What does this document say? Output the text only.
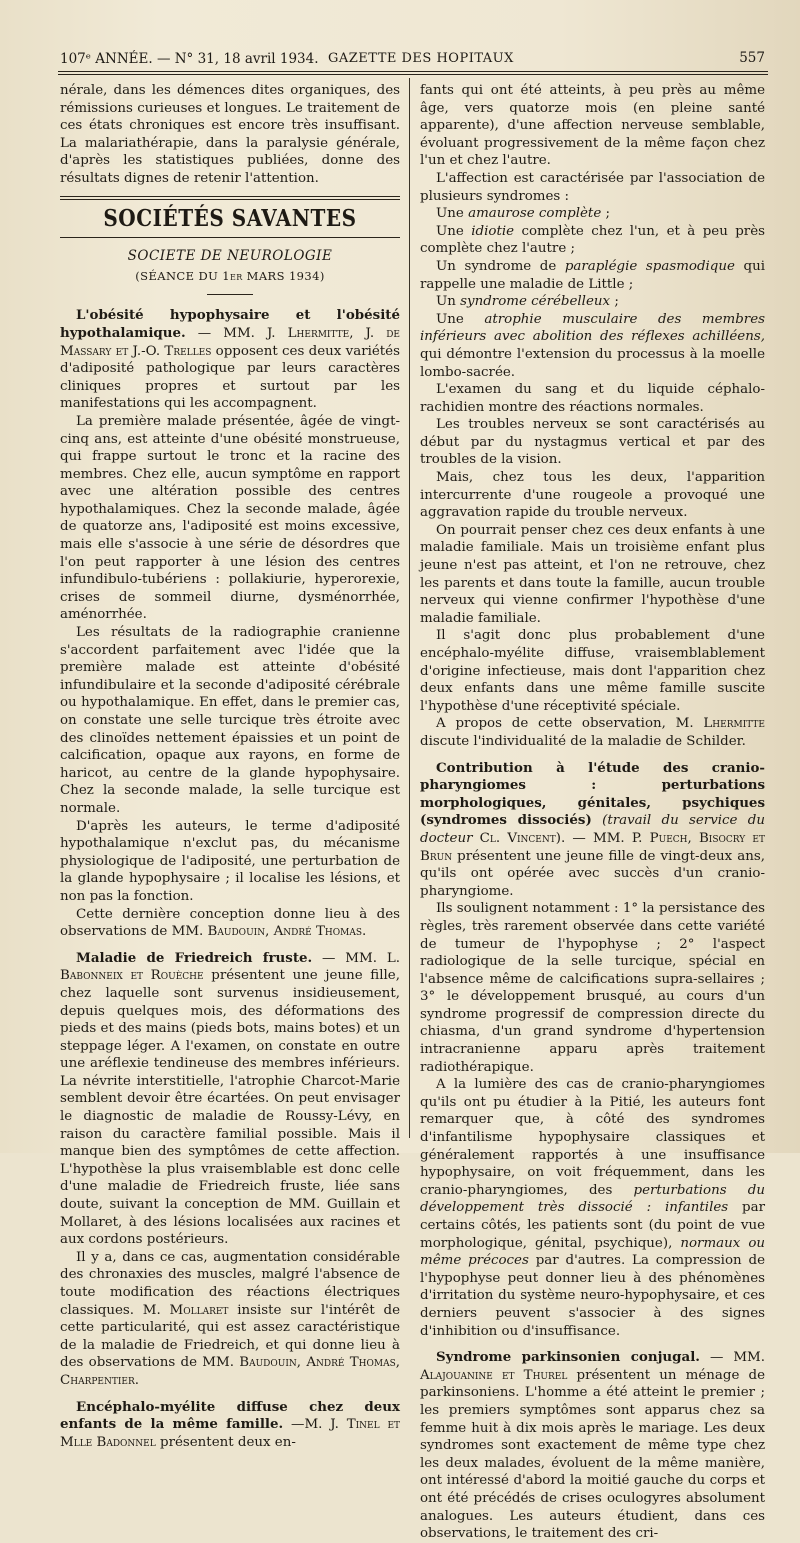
107ᵉ ANNÉE. — N° 31, 18 avril 1934. GAZETTE DES HOPITAUX	557

nérale, dans les démences dites organiques, des rémissions curieuses et longues. Le traitement de ces états chroniques est encore très insuffisant. La malariathérapie, dans la paralysie générale, d'après les statistiques publiées, donne des résultats dignes de retenir l'attention.

SOCIÉTÉS SAVANTES
SOCIETE DE NEUROLOGIE
(SÉANCE DU 1er MARS 1934)

L'obésité hypophysaire et l'obésité hypothalamique. — MM. J. Lhermitte, J. de Massary et J.-O. Trelles opposent ces deux variétés d'adiposité pathologique par leurs caractères cliniques propres et surtout par les manifestations qui les accompagnent.

La première malade présentée, âgée de vingt-cinq ans, est atteinte d'une obésité monstrueuse, qui frappe surtout le tronc et la racine des membres. Chez elle, aucun symptôme en rapport avec une altération possible des centres hypothalamiques. Chez la seconde malade, âgée de quatorze ans, l'adiposité est moins excessive, mais elle s'associe à une série de désordres que l'on peut rapporter à une lésion des centres infundibulo-tubériens : pollakiurie, hyperorexie, crises de sommeil diurne, dysménorrhée, aménorrhée.

Les résultats de la radiographie cranienne s'accordent parfaitement avec l'idée que la première malade est atteinte d'obésité infundibulaire et la seconde d'adiposité cérébrale ou hypothalamique. En effet, dans le premier cas, on constate une selle turcique très étroite avec des clinoïdes nettement épaissies et un point de calcification, opaque aux rayons, en forme de haricot, au centre de la glande hypophysaire. Chez la seconde malade, la selle turcique est normale.

D'après les auteurs, le terme d'adiposité hypothalamique n'exclut pas, du mécanisme physiologique de l'adiposité, une perturbation de la glande hypophysaire ; il localise les lésions, et non pas la fonction.

Cette dernière conception donne lieu à des observations de MM. Baudouin, André Thomas.

Maladie de Friedreich fruste. — MM. L. Babonneix et Rouèche présentent une jeune fille, chez laquelle sont survenus insidieusement, depuis quelques mois, des déformations des pieds et des mains (pieds bots, mains botes) et un steppage léger. A l'examen, on constate en outre une aréflexie tendineuse des membres inférieurs. La névrite interstitielle, l'atrophie Charcot-Marie semblent devoir être écartées. On peut envisager le diagnostic de maladie de Roussy-Lévy, en raison du caractère familial possible. Mais il manque bien des symptômes de cette affection. L'hypothèse la plus vraisemblable est donc celle d'une maladie de Friedreich fruste, liée sans doute, suivant la conception de MM. Guillain et Mollaret, à des lésions localisées aux racines et aux cordons postérieurs.

Il y a, dans ce cas, augmentation considérable des chronaxies des muscles, malgré l'absence de toute modification des réactions électriques classiques. M. Mollaret insiste sur l'intérêt de cette particularité, qui est assez caractéristique de la maladie de Friedreich, et qui donne lieu à des observations de MM. Baudouin, André Thomas, Charpentier.

Encéphalo-myélite diffuse chez deux enfants de la même famille. —M. J. Tinel et Mlle Badonnel présentent deux en-

fants qui ont été atteints, à peu près au même âge, vers quatorze mois (en pleine santé apparente), d'une affection nerveuse semblable, évoluant progressivement de la même façon chez l'un et chez l'autre.

L'affection est caractérisée par l'association de plusieurs syndromes :

Une amaurose complète ;

Une idiotie complète chez l'un, et à peu près complète chez l'autre ;

Un syndrome de paraplégie spasmodique qui rappelle une maladie de Little ;

Un syndrome cérébelleux ;

Une atrophie musculaire des membres inférieurs avec abolition des réflexes achilléens, qui démontre l'extension du processus à la moelle lombo-sacrée.

L'examen du sang et du liquide céphalo-rachidien montre des réactions normales.

Les troubles nerveux se sont caractérisés au début par du nystagmus vertical et par des troubles de la vision.

Mais, chez tous les deux, l'apparition intercurrente d'une rougeole a provoqué une aggravation rapide du trouble nerveux.

On pourrait penser chez ces deux enfants à une maladie familiale. Mais un troisième enfant plus jeune n'est pas atteint, et l'on ne retrouve, chez les parents et dans toute la famille, aucun trouble nerveux qui vienne confirmer l'hypothèse d'une maladie familiale.

Il s'agit donc plus probablement d'une encéphalo-myélite diffuse, vraisemblablement d'origine infectieuse, mais dont l'apparition chez deux enfants dans une même famille suscite l'hypothèse d'une réceptivité spéciale.

A propos de cette observation, M. Lhermitte discute l'individualité de la maladie de Schilder.

Contribution à l'étude des cranio-pharyngiomes : perturbations morphologiques, génitales, psychiques (syndromes dissociés) (travail du service du docteur Cl. Vincent). — MM. P. Puech, Bisocry et Brun présentent une jeune fille de vingt-deux ans, qu'ils ont opérée avec succès d'un cranio-pharyngiome.

Ils soulignent notamment : 1° la persistance des règles, très rarement observée dans cette variété de tumeur de l'hypophyse ; 2° l'aspect radiologique de la selle turcique, spécial en l'absence même de calcifications supra-sellaires ; 3° le développement brusqué, au cours d'un syndrome progressif de compression directe du chiasma, d'un grand syndrome d'hypertension intracranienne apparu après traitement radiothérapique.

A la lumière des cas de cranio-pharyngiomes qu'ils ont pu étudier à la Pitié, les auteurs font remarquer que, à côté des syndromes d'infantilisme hypophysaire classiques et généralement rapportés à une insuffisance hypophysaire, on voit fréquemment, dans les cranio-pharyngiomes, des perturbations du développement très dissocié : infantiles par certains côtés, les patients sont (du point de vue morphologique, génital, psychique), normaux ou même précoces par d'autres. La compression de l'hypophyse peut donner lieu à des phénomènes d'irritation du système neuro-hypophysaire, et ces derniers peuvent s'associer à des signes d'inhibition ou d'insuffisance.

Syndrome parkinsonien conjugal. — MM. Alajouanine et Thurel présentent un ménage de parkinsoniens. L'homme a été atteint le premier ; les premiers symptômes sont apparus chez sa femme huit à dix mois après le mariage. Les deux syndromes sont exactement de même type chez les deux malades, évoluent de la même manière, ont intéressé d'abord la moitié gauche du corps et ont été précédés de crises oculogyres absolument analogues. Les auteurs étudient, dans ces observations, le traitement des cri-
